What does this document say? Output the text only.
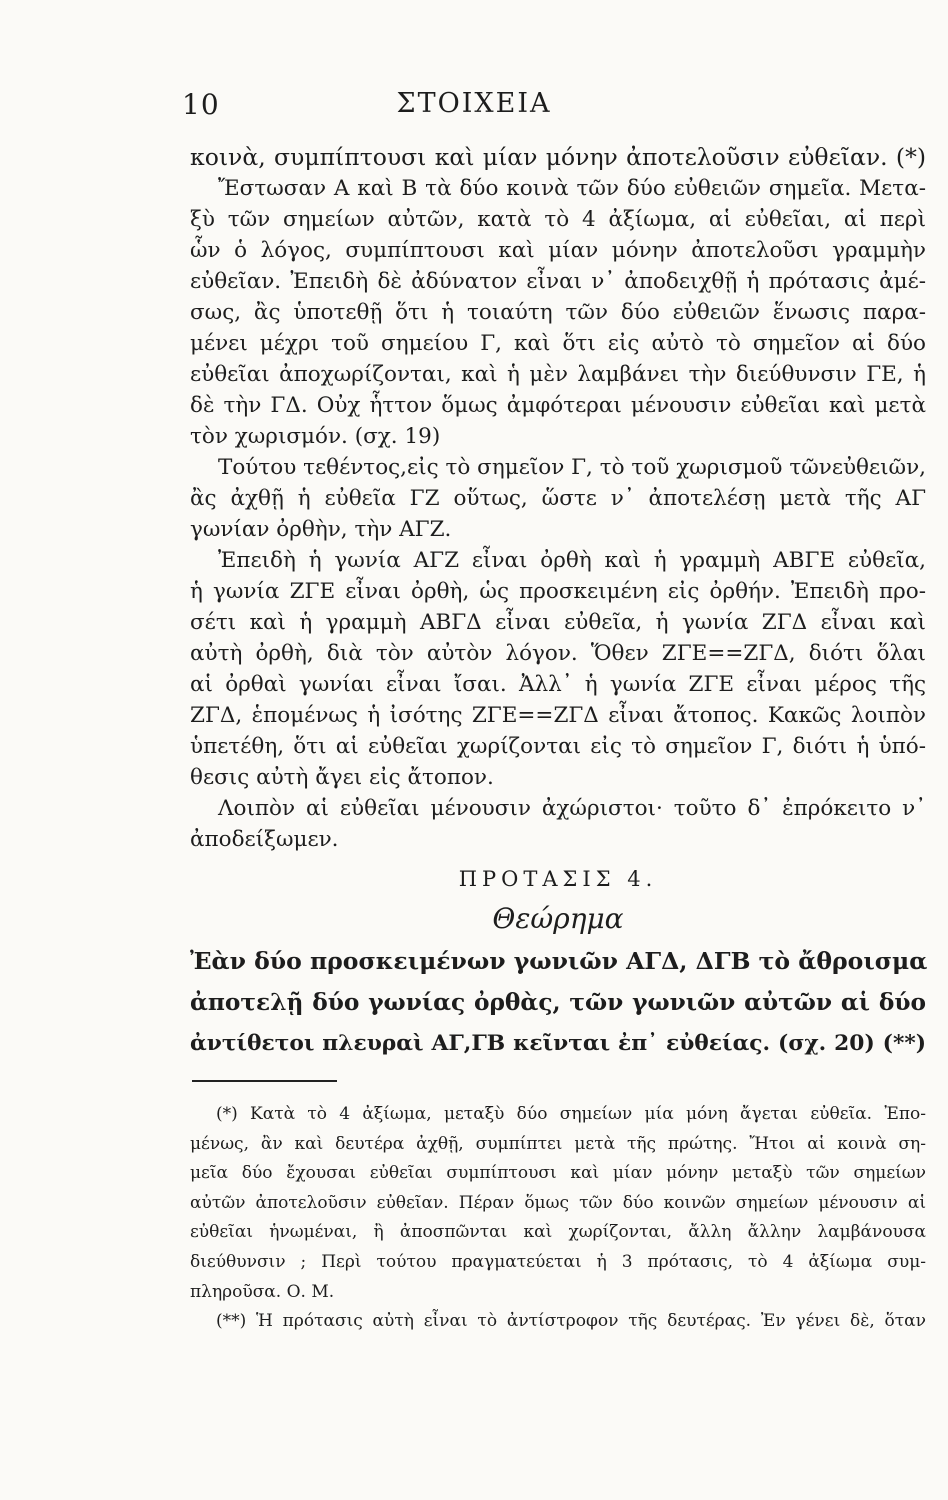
10	ΣΤΟΙΧΕΙΑ
κοινὰ, συμπίπτουσι καὶ μίαν μόνην ἀποτελοῦσιν εὐθεῖαν. (*)
Ἔστωσαν Α καὶ Β τὰ δύο κοινὰ τῶν δύο εὐθειῶν σημεῖα. Μετα-
ξὺ τῶν σημείων αὐτῶν, κατὰ τὸ 4 ἀξίωμα, αἱ εὐθεῖαι, αἱ περὶ
ὧν ὁ λόγος, συμπίπτουσι καὶ μίαν μόνην ἀποτελοῦσι γραμμὴν
εὐθεῖαν. Ἐπειδὴ δὲ ἀδύνατον εἶναι ν᾽ ἀποδειχθῇ ἡ πρότασις ἀμέ-
σως, ἂς ὑποτεθῇ ὅτι ἡ τοιαύτη τῶν δύο εὐθειῶν ἕνωσις παρα-
μένει μέχρι τοῦ σημείου Γ, καὶ ὅτι εἰς αὐτὸ τὸ σημεῖον αἱ δύο
εὐθεῖαι ἀποχωρίζονται, καὶ ἡ μὲν λαμβάνει τὴν διεύθυνσιν ΓΕ, ἡ
δὲ τὴν ΓΔ. Οὐχ ἧττον ὅμως ἀμφότεραι μένουσιν εὐθεῖαι καὶ μετὰ
τὸν χωρισμόν. (σχ. 19)
Τούτου τεθέντος,εἰς τὸ σημεῖον Γ, τὸ τοῦ χωρισμοῦ τῶνεὐθειῶν,
ἂς ἀχθῇ ἡ εὐθεῖα ΓΖ οὕτως, ὥστε ν᾽ ἀποτελέσῃ μετὰ τῆς ΑΓ
γωνίαν ὀρθὴν, τὴν ΑΓΖ.
Ἐπειδὴ ἡ γωνία ΑΓΖ εἶναι ὀρθὴ καὶ ἡ γραμμὴ ΑΒΓΕ εὐθεῖα,
ἡ γωνία ΖΓΕ εἶναι ὀρθὴ, ὡς προσκειμένη εἰς ὀρθήν. Ἐπειδὴ προ-
σέτι καὶ ἡ γραμμὴ ΑΒΓΔ εἶναι εὐθεῖα, ἡ γωνία ΖΓΔ εἶναι καὶ
αὐτὴ ὀρθὴ, διὰ τὸν αὐτὸν λόγον. Ὅθεν ΖΓΕ==ΖΓΔ, διότι ὅλαι
αἱ ὀρθαὶ γωνίαι εἶναι ἴσαι. Ἀλλ᾽ ἡ γωνία ΖΓΕ εἶναι μέρος τῆς
ΖΓΔ, ἑπομένως ἡ ἰσότης ΖΓΕ==ΖΓΔ εἶναι ἄτοπος. Κακῶς λοιπὸν
ὑπετέθη, ὅτι αἱ εὐθεῖαι χωρίζονται εἰς τὸ σημεῖον Γ, διότι ἡ ὑπό-
θεσις αὐτὴ ἄγει εἰς ἄτοπον.
Λοιπὸν αἱ εὐθεῖαι μένουσιν ἀχώριστοι· τοῦτο δ᾽ ἐπρόκειτο ν᾽
ἀποδείξωμεν.
ΠΡΟΤΑΣΙΣ 4.
Θεώρημα
Ἐὰν δύο προσκειμένων γωνιῶν ΑΓΔ, ΔΓΒ τὸ ἄθροισμα
ἀποτελῇ δύο γωνίας ὀρθὰς, τῶν γωνιῶν αὐτῶν αἱ δύο
ἀντίθετοι πλευραὶ ΑΓ,ΓΒ κεῖνται ἐπ᾽ εὐθείας. (σχ. 20) (**)
(*) Κατὰ τὸ 4 ἀξίωμα, μεταξὺ δύο σημείων μία μόνη ἄγεται εὐθεῖα. Ἐπο-
μένως, ἂν καὶ δευτέρα ἀχθῇ, συμπίπτει μετὰ τῆς πρώτης. Ἤτοι αἱ κοινὰ ση-
μεῖα δύο ἔχουσαι εὐθεῖαι συμπίπτουσι καὶ μίαν μόνην μεταξὺ τῶν σημείων
αὐτῶν ἀποτελοῦσιν εὐθεῖαν. Πέραν ὅμως τῶν δύο κοινῶν σημείων μένουσιν αἱ
εὐθεῖαι ἡνωμέναι, ἢ ἀποσπῶνται καὶ χωρίζονται, ἄλλη ἄλλην λαμβάνουσα
διεύθυνσιν ; Περὶ τούτου πραγματεύεται ἡ 3 πρότασις, τὸ 4 ἀξίωμα συμ-
πληροῦσα. Ο. Μ.
(**) Ἡ πρότασις αὐτὴ εἶναι τὸ ἀντίστροφον τῆς δευτέρας. Ἐν γένει δὲ, ὅταν
